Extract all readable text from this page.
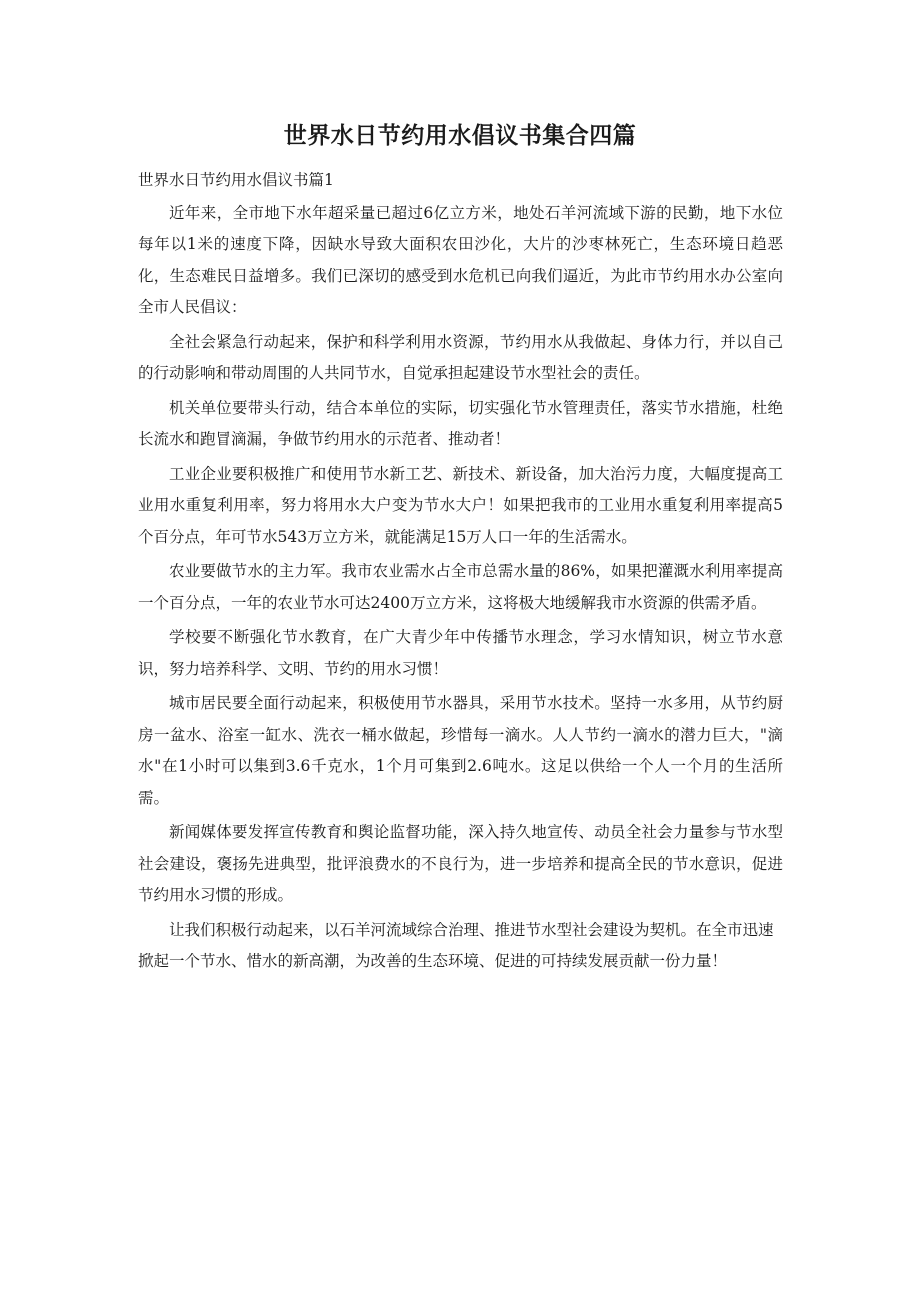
世界水日节约用水倡议书集合四篇
世界水日节约用水倡议书篇1

近年来，全市地下水年超采量已超过6亿立方米，地处石羊河流域下游的民勤，地下水位每年以1米的速度下降，因缺水导致大面积农田沙化，大片的沙枣林死亡，生态环境日趋恶化，生态难民日益增多。我们已深切的感受到水危机已向我们逼近，为此市节约用水办公室向全市人民倡议：

全社会紧急行动起来，保护和科学利用水资源，节约用水从我做起、身体力行，并以自己的行动影响和带动周围的人共同节水，自觉承担起建设节水型社会的责任。

机关单位要带头行动，结合本单位的实际，切实强化节水管理责任，落实节水措施，杜绝长流水和跑冒滴漏，争做节约用水的示范者、推动者！

工业企业要积极推广和使用节水新工艺、新技术、新设备，加大治污力度，大幅度提高工业用水重复利用率，努力将用水大户变为节水大户！如果把我市的工业用水重复利用率提高5个百分点，年可节水543万立方米，就能满足15万人口一年的生活需水。

农业要做节水的主力军。我市农业需水占全市总需水量的86%，如果把灌溉水利用率提高一个百分点，一年的农业节水可达2400万立方米，这将极大地缓解我市水资源的供需矛盾。

学校要不断强化节水教育，在广大青少年中传播节水理念，学习水情知识，树立节水意识，努力培养科学、文明、节约的用水习惯！

城市居民要全面行动起来，积极使用节水器具，采用节水技术。坚持一水多用，从节约厨房一盆水、浴室一缸水、洗衣一桶水做起，珍惜每一滴水。人人节约一滴水的潜力巨大，"滴水"在1小时可以集到3.6千克水，1个月可集到2.6吨水。这足以供给一个人一个月的生活所需。

新闻媒体要发挥宣传教育和舆论监督功能，深入持久地宣传、动员全社会力量参与节水型社会建设，褒扬先进典型，批评浪费水的不良行为，进一步培养和提高全民的节水意识，促进节约用水习惯的形成。

让我们积极行动起来，以石羊河流域综合治理、推进节水型社会建设为契机。在全市迅速掀起一个节水、惜水的新高潮，为改善的生态环境、促进的可持续发展贡献一份力量！
